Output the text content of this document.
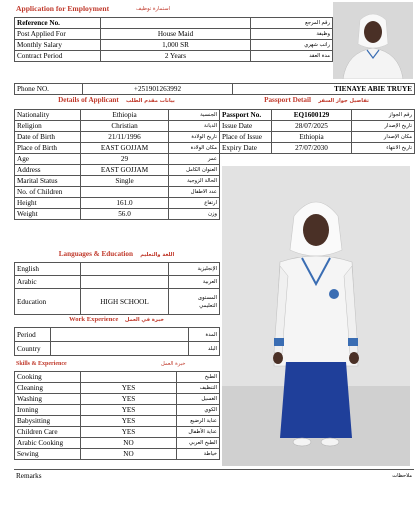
Application for Employment	استمارة توظيف
Reference No.		رقم المرجع
Post Applied For	House Maid	وظيفة
Monthly Salary	1,000 SR	راتب شهري
Contract Period	2 Years	مدة العقد
Phone NO.	+251901263992	TIENAYE ABIE TRUYE
Details of Applicant بيانات مقدم الطلب	Passport Detail تفاصيل جواز السفر
Nationality	Ethiopia	الجنسية
Religion	Christian	الديانة
Date of Birth	21/11/1996	تاريخ الولادة
Place of Birth	EAST GOJJAM	مكان الولادة
Age	29	عمر
Address	EAST GOJJAM	العنوان الكامل
Marital Status	Single	الحالة الزوجية
No. of Children		عدد الاطفال
Height	161.0	ارتفاع
Weight	56.0	وزن
Passport No.	EQ1600129	رقم الجواز
Issue Date	28/07/2025	تاريخ الإصدار
Place of Issue	Ethiopia	مكان الإصدار
Expiry Date	27/07/2030	تاريخ الانتهاء
Languages & Education اللغة والتعليم
English		الإنجليزية
Arabic		العربية
Education	HIGH SCHOOL	المستوى
التعليمي
Work Experience خبرة في العمل
Period		المدة
Country		البلد
Skills & Experience	خبرة العمل
Cooking		الطبخ
Cleaning	YES	التنظيف
Washing	YES	الغسيل
Ironing	YES	الكوي
Babysitting	YES	عناية الرضيع
Children Care	YES	عناية الأطفال
Arabic Cooking	NO	الطبخ العربي
Sewing	NO	خياطة
Remarks	ملاحظات
